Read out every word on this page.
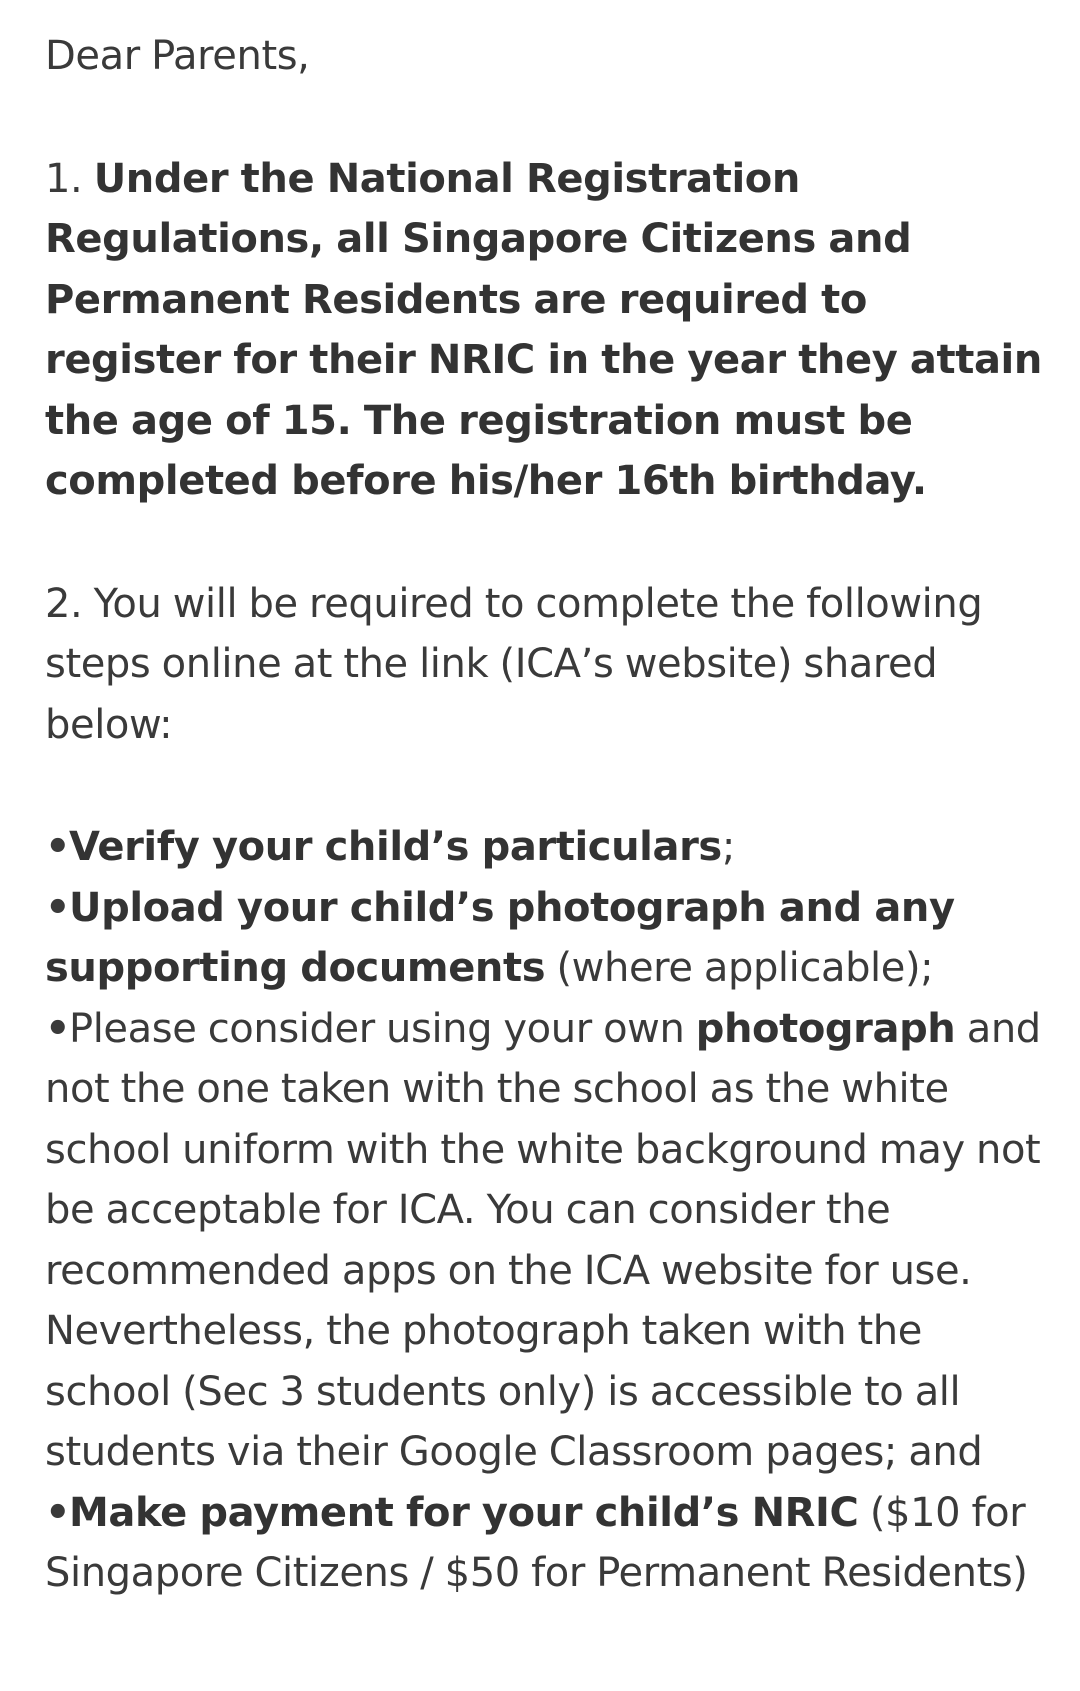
Dear Parents,

1. Under the National Registration Regulations, all Singapore Citizens and Permanent Residents are required to register for their NRIC in the year they attain the age of 15. The registration must be completed before his/her 16th birthday.

2. You will be required to complete the following steps online at the link (ICA’s website) shared below:

•Verify your child’s particulars;

•Upload your child’s photograph and any supporting documents (where applicable);

•Please consider using your own photograph and not the one taken with the school as the white school uniform with the white background may not be acceptable for ICA. You can consider the recommended apps on the ICA website for use. Nevertheless, the photograph taken with the school (Sec 3 students only) is accessible to all students via their Google Classroom pages; and

•Make payment for your child’s NRIC ($10 for Singapore Citizens / $50 for Permanent Residents)
